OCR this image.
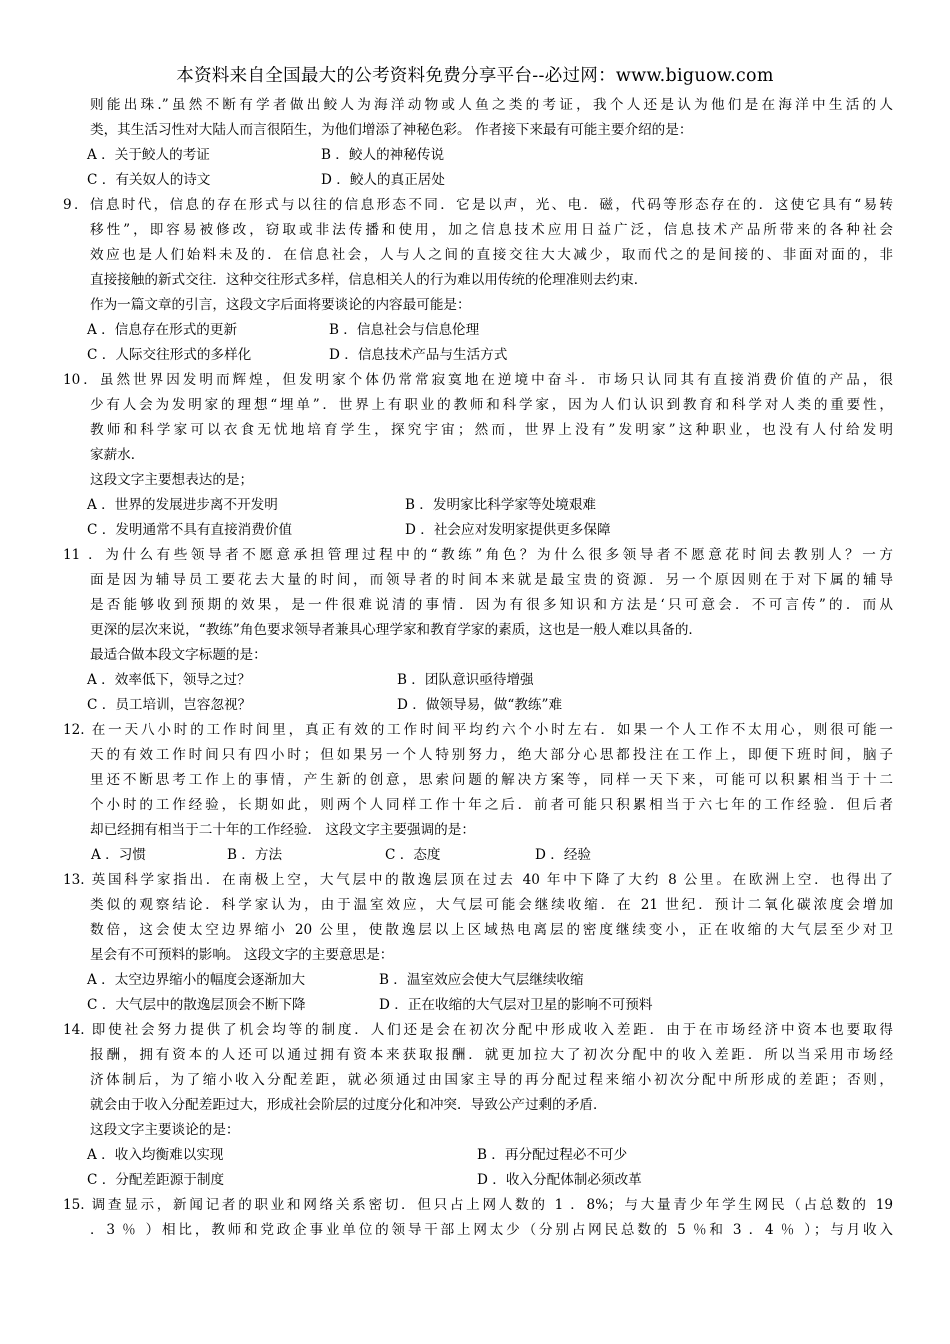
本资料来自全国最大的公考资料免费分享平台--必过网：www.biguow.com
则能出珠.”虽然不断有学者做出鲛人为海洋动物或人鱼之类的考证，我个人还是认为他们是在海洋中生活的人
类，其生活习性对大陆人而言很陌生，为他们增添了神秘色彩。 作者接下来最有可能主要介绍的是：
A ．关于鲛人的考证	B ．鲛人的神秘传说
C ．有关奴人的诗文	D ．鲛人的真正居处
9．信息时代，信息的存在形式与以往的信息形态不同．它是以声，光、电．磁，代码等形态存在的．这使它具有“易转
移性”，即容易被修改，窃取或非法传播和使用，加之信息技术应用日益广泛，信息技术产品所带来的各种社会
效应也是人们始料未及的．在信息社会，人与人之间的直接交往大大减少，取而代之的是间接的、非面对面的，非
直接接触的新式交往．这种交往形式多样，信息相关人的行为难以用传统的伦理准则去约束．
作为一篇文章的引言，这段文字后面将要谈论的内容最可能是：
A ．信息存在形式的更新	B ．信息社会与信息伦理
C ．人际交往形式的多样化	D ．信息技术产品与生活方式
10．虽然世界因发明而辉煌，但发明家个体仍常常寂寞地在逆境中奋斗．市场只认同其有直接消费价值的产品，很
少有人会为发明家的理想“埋单”．世界上有职业的教师和科学家，因为人们认识到教育和科学对人类的重要性，
教师和科学家可以衣食无忧地培育学生，探究宇宙；然而，世界上没有”发明家”这种职业，也没有人付给发明
家薪水．
这段文字主要想表达的是；
A ．世界的发展进步离不开发明	B ．发明家比科学家等处境艰难
C ．发明通常不具有直接消费价值	D ．社会应对发明家提供更多保障
11 ．为什么有些领导者不愿意承担管理过程中的“教练”角色？为什么很多领导者不愿意花时间去教别人？一方
面是因为辅导员工要花去大量的时间，而领导者的时间本来就是最宝贵的资源．另一个原因则在于对下属的辅导
是否能够收到预期的效果，是一件很难说清的事情．因为有很多知识和方法是‘只可意会．不可言传”的．而从
更深的层次来说，“教练”角色要求领导者兼具心理学家和教育学家的素质，这也是一般人难以具备的．
最适合做本段文字标题的是：
A ．效率低下，领导之过？	B ．团队意识亟待增强
C ．员工培训，岂容忽视？	D ．做领导易，做“教练”难
12. 在一天八小时的工作时间里，真正有效的工作时间平均约六个小时左右．如果一个人工作不太用心，则很可能一
天的有效工作时间只有四小时；但如果另一个人特别努力，绝大部分心思都投注在工作上，即便下班时间，脑子
里还不断思考工作上的事情，产生新的创意，思索问题的解决方案等，同样一天下来，可能可以积累相当于十二
个小时的工作经验，长期如此，则两个人同样工作十年之后．前者可能只积累相当于六七年的工作经验．但后者
却已经拥有相当于二十年的工作经验． 这段文字主要强调的是：
A ．习惯	B ．方法	C ．态度	D ．经验
13. 英国科学家指出．在南极上空，大气层中的散逸层顶在过去 40 年中下降了大约 8 公里。在欧洲上空．也得出了
类似的观察结论．科学家认为，由于温室效应，大气层可能会继续收缩．在 21 世纪．预计二氧化碳浓度会增加
数倍，这会使太空边界缩小 20 公里，使散逸层以上区域热电离层的密度继续变小，正在收缩的大气层至少对卫
星会有不可预料的影响。 这段文字的主要意思是：
A ．太空边界缩小的幅度会逐渐加大	B ．温室效应会使大气层继续收缩
C ．大气层中的散逸层顶会不断下降	D ．正在收缩的大气层对卫星的影响不可预料
14. 即使社会努力提供了机会均等的制度．人们还是会在初次分配中形成收入差距．由于在市场经济中资本也要取得
报酬，拥有资本的人还可以通过拥有资本来获取报酬．就更加拉大了初次分配中的收入差距．所以当采用市场经
济体制后，为了缩小收入分配差距，就必须通过由国家主导的再分配过程来缩小初次分配中所形成的差距；否则，
就会由于收入分配差距过大，形成社会阶层的过度分化和冲突．导致公产过剩的矛盾．
这段文字主要谈论的是：
A ．收入均衡难以实现	B ．再分配过程必不可少
C ．分配差距源于制度	D ．收入分配体制必须改革
15. 调查显示，新闻记者的职业和网络关系密切．但只占上网人数的 1 ．8%；与大量青少年学生网民（占总数的 19
．3 ％ ）相比，教师和党政企事业单位的领导干部上网太少（分别占网民总数的 5 ％和 3 ．4 ％ ）；与月收入
